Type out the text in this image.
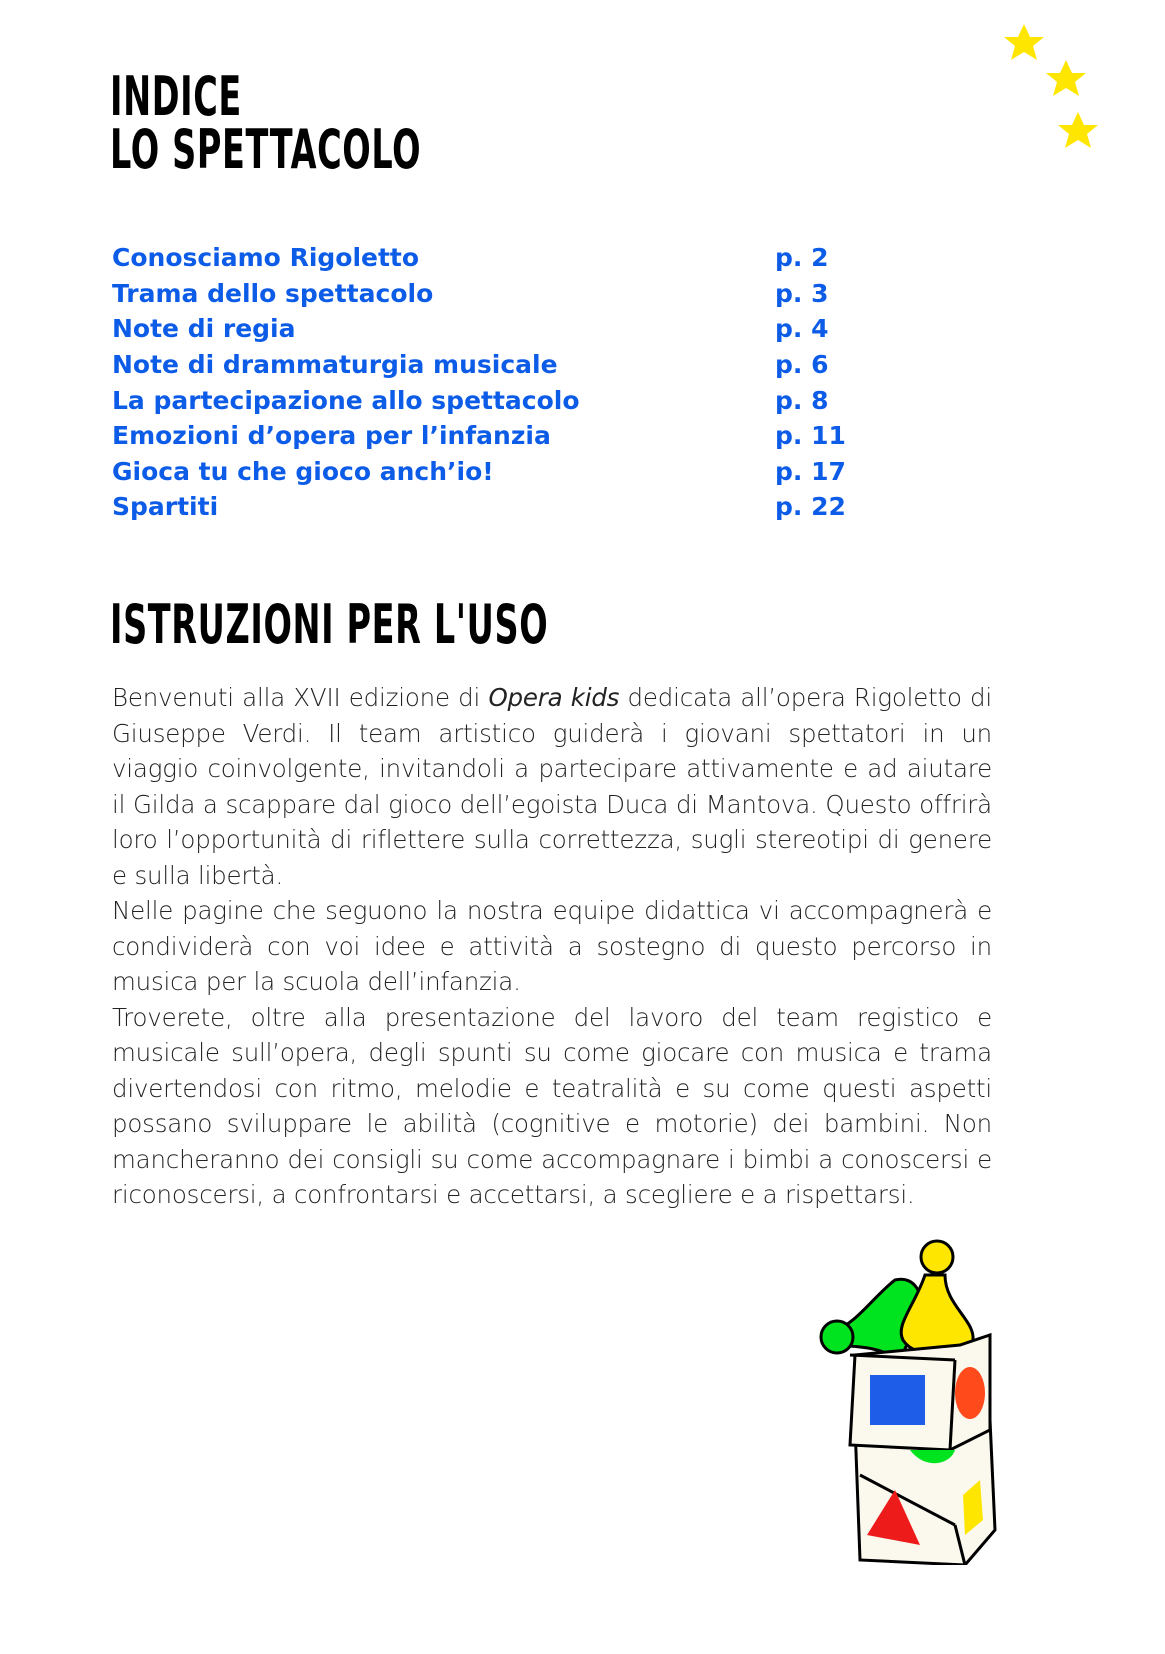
INDICE
LO SPETTACOLO
Conosciamo Rigoletto	p. 2
Trama dello spettacolo	p. 3
Note di regia	p. 4
Note di drammaturgia musicale	p. 6
La partecipazione allo spettacolo	p. 8
Emozioni d’opera per l’infanzia	p. 11
Gioca tu che gioco anch’io!	p. 17
Spartiti	p. 22
ISTRUZIONI PER L'USO

Benvenuti alla XVII edizione di Opera kids dedicata all’opera Rigoletto di Giuseppe Verdi. Il team artistico guiderà i giovani spettatori in un viaggio coinvolgente, invitandoli a partecipare attivamente e ad aiutare il Gilda a scappare dal gioco dell’egoista Duca di Mantova. Questo offrirà loro l’opportunità di riflettere sulla correttezza, sugli stereotipi di genere e sulla libertà.

Nelle pagine che seguono la nostra equipe didattica vi accompagnerà e condividerà con voi idee e attività a sostegno di questo percorso in musica per la scuola dell’infanzia.

Troverete, oltre alla presentazione del lavoro del team registico e musicale sull’opera, degli spunti su come giocare con musica e trama divertendosi con ritmo, melodie e teatralità e su come questi aspetti possano sviluppare le abilità (cognitive e motorie) dei bambini. Non mancheranno dei consigli su come accompagnare i bimbi a conoscersi e riconoscersi, a confrontarsi e accettarsi, a scegliere e a rispettarsi.
